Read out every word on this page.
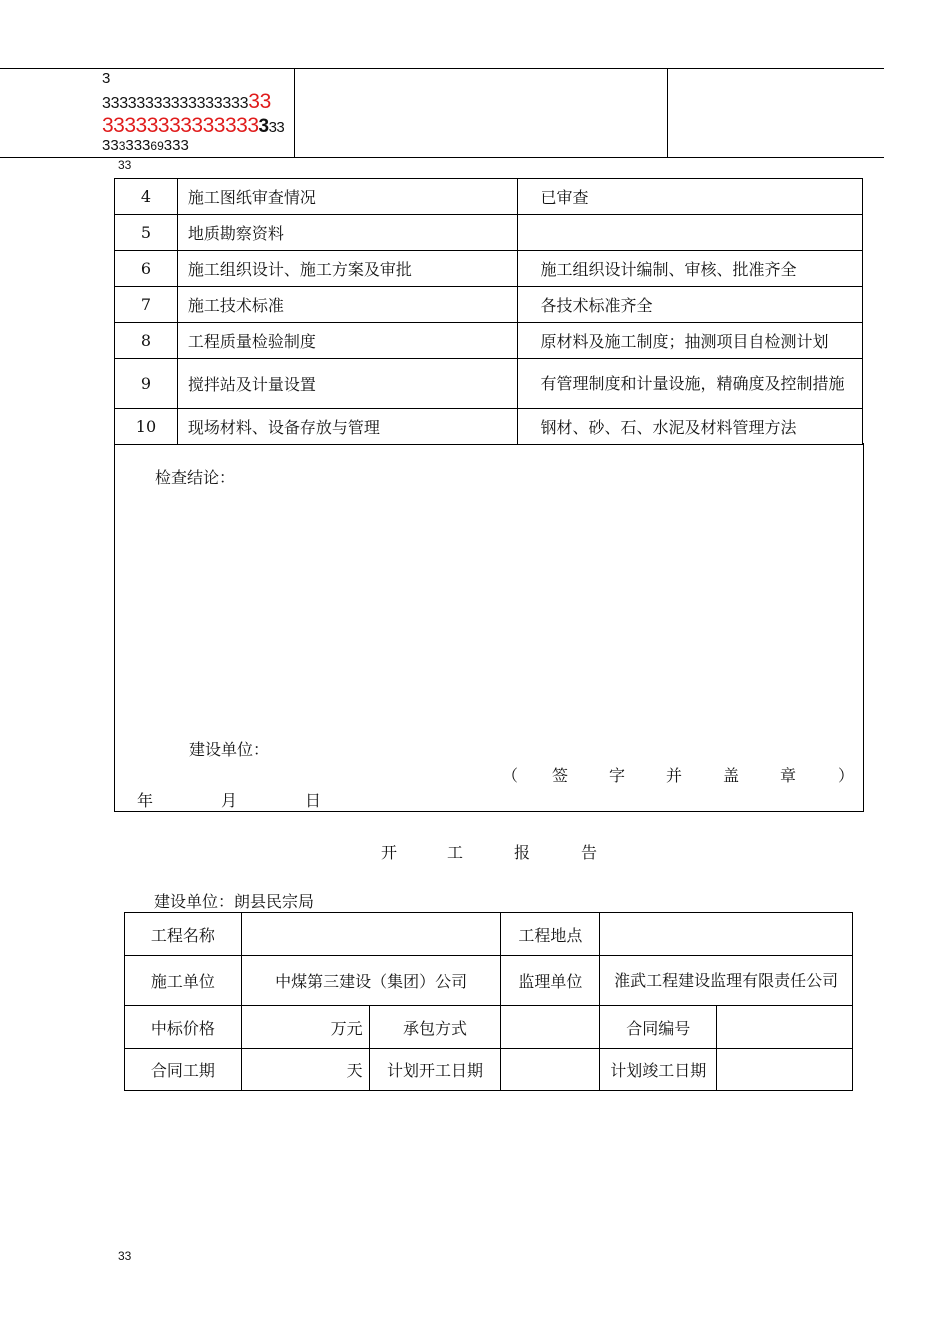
3
3333333333333333333
33333333333333333
33333369333
33
4	施工图纸审查情况	已审查
5	地质勘察资料	
6	施工组织设计、施工方案及审批	施工组织设计编制、审核、批准齐全
7	施工技术标准	各技术标准齐全
8	工程质量检验制度	原材料及施工制度；抽测项目自检测计划
9	搅拌站及计量设置	有管理制度和计量设施，精确度及控制措施
10	现场材料、设备存放与管理	钢材、砂、石、水泥及材料管理方法
检查结论：
建设单位：
（ 签	字	并	盖	章	）
年	月	日
开	工	报	告
建设单位：朗县民宗局
工程名称			工程地点		
施工单位	中煤第三建设（集团）公司		监理单位	淮武工程建设监理有限责任公司	
中标价格	万元	承包方式		合同编号	
合同工期	天	计划开工日期		计划竣工日期	
33
